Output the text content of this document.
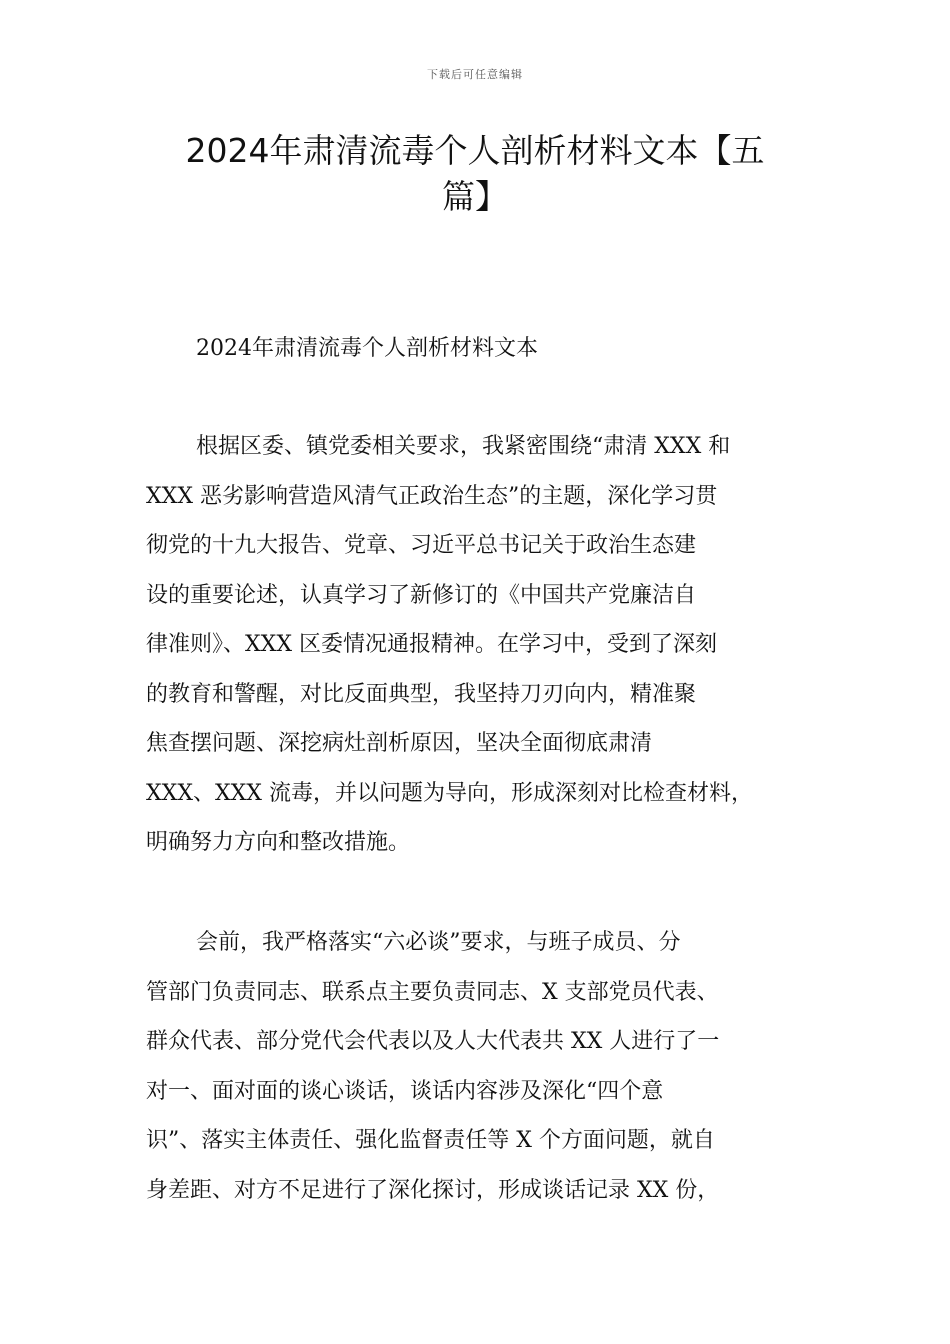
下载后可任意编辑
2024年肃清流毒个人剖析材料文本【五
篇】
2024年肃清流毒个人剖析材料文本
根据区委、镇党委相关要求，我紧密围绕“肃清 XXX 和
XXX 恶劣影响营造风清气正政治生态”的主题，深化学习贯
彻党的十九大报告、党章、习近平总书记关于政治生态建
设的重要论述，认真学习了新修订的《中国共产党廉洁自
律准则》、XXX 区委情况通报精神。在学习中，受到了深刻
的教育和警醒，对比反面典型，我坚持刀刃向内，精准聚
焦查摆问题、深挖病灶剖析原因，坚决全面彻底肃清
XXX、XXX 流毒，并以问题为导向，形成深刻对比检查材料，
明确努力方向和整改措施。
会前，我严格落实“六必谈”要求，与班子成员、分
管部门负责同志、联系点主要负责同志、X 支部党员代表、
群众代表、部分党代会代表以及人大代表共 XX 人进行了一
对一、面对面的谈心谈话，谈话内容涉及深化“四个意
识”、落实主体责任、强化监督责任等 X 个方面问题，就自
身差距、对方不足进行了深化探讨，形成谈话记录 XX 份，
